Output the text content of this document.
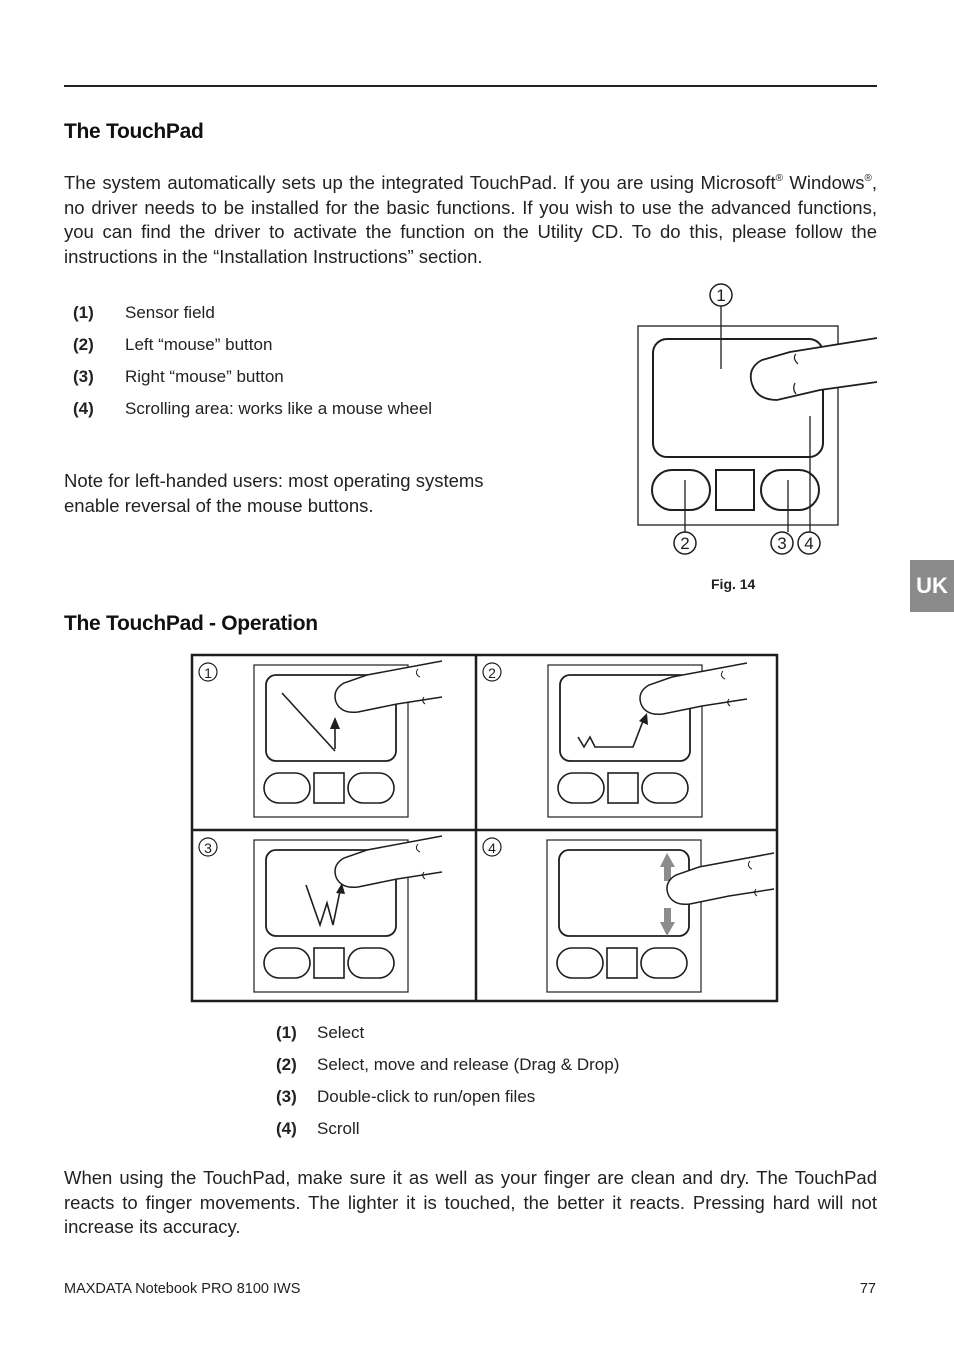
The TouchPad

The system automatically sets up the integrated TouchPad. If you are using Microsoft® Windows®, no driver needs to be installed for the basic functions. If you wish to use the advanced functions, you can find the driver to activate the function on the Utility CD. To do this, please follow the instructions in the “Installation Instructions” section.

(1) Sensor field
(2) Left “mouse” button
(3) Right “mouse” button
(4) Scrolling area: works like a mouse wheel

Note for left-handed users: most operating systems enable reversal of the mouse buttons.

1
2	3 4
Fig. 14	UK
The TouchPad - Operation
1	2
3	4
(1) Select
(2) Select, move and release (Drag & Drop)
(3) Double-click to run/open files
(4) Scroll

When using the TouchPad, make sure it as well as your finger are clean and dry. The TouchPad reacts to finger movements. The lighter it is touched, the better it reacts. Pressing hard will not increase its accuracy.

MAXDATA Notebook PRO 8100 IWS	77
